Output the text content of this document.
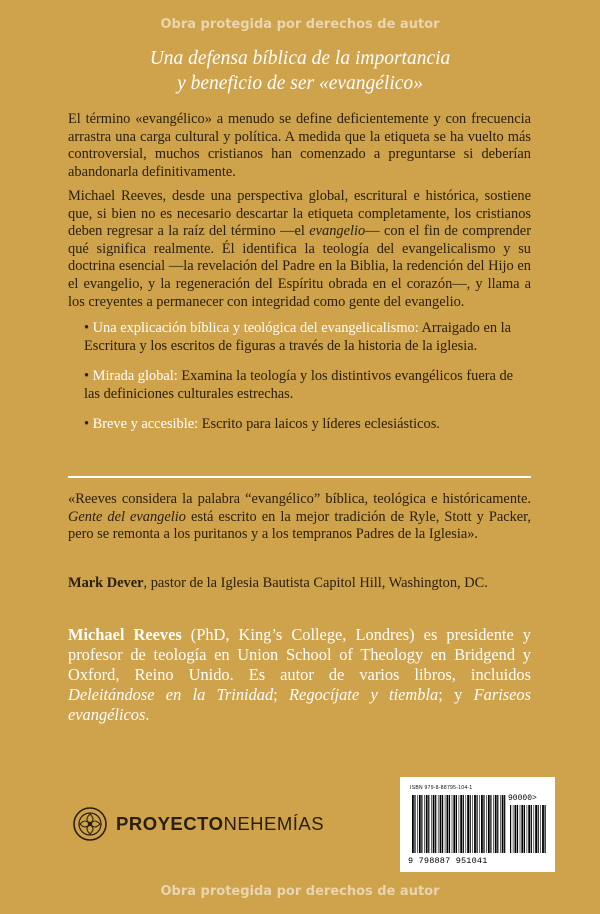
Obra protegida por derechos de autor
Una defensa bíblica de la importancia
y beneficio de ser «evangélico»
El término «evangélico» a menudo se define deficientemente y con frecuencia arrastra una carga cultural y política. A medida que la etiqueta se ha vuelto más controversial, muchos cristianos han comenzado a preguntarse si deberían abandonarla definitivamente.
Michael Reeves, desde una perspectiva global, escritural e histórica, sostiene que, si bien no es necesario descartar la etiqueta completamente, los cristianos deben regresar a la raíz del término —el evangelio— con el fin de comprender qué significa realmente. Él identifica la teología del evangelicalismo y su doctrina esencial —la revelación del Padre en la Biblia, la redención del Hijo en el evangelio, y la regeneración del Espíritu obrada en el corazón—, y llama a los creyentes a permanecer con integridad como gente del evangelio.
• Una explicación bíblica y teológica del evangelicalismo: Arraigado en la Escritura y los escritos de figuras a través de la historia de la iglesia.
• Mirada global: Examina la teología y los distintivos evangélicos fuera de las definiciones culturales estrechas.
• Breve y accesible: Escrito para laicos y líderes eclesiásticos.
«Reeves considera la palabra “evangélico” bíblica, teológica e históricamente. Gente del evangelio está escrito en la mejor tradición de Ryle, Stott y Packer, pero se remonta a los puritanos y a los tempranos Padres de la Iglesia».
Mark Dever, pastor de la Iglesia Bautista Capitol Hill, Washington, DC.
Michael Reeves (PhD, King’s College, Londres) es presidente y profesor de teología en Union School of Theology en Bridgend y Oxford, Reino Unido. Es autor de varios libros, incluidos Deleitándose en la Trinidad; Regocíjate y tiembla; y Fariseos evangélicos.
PROYECTONEHEMÍAS
ISBN 979-8-88795-104-1
90000>
9 798887 951041
Obra protegida por derechos de autor
